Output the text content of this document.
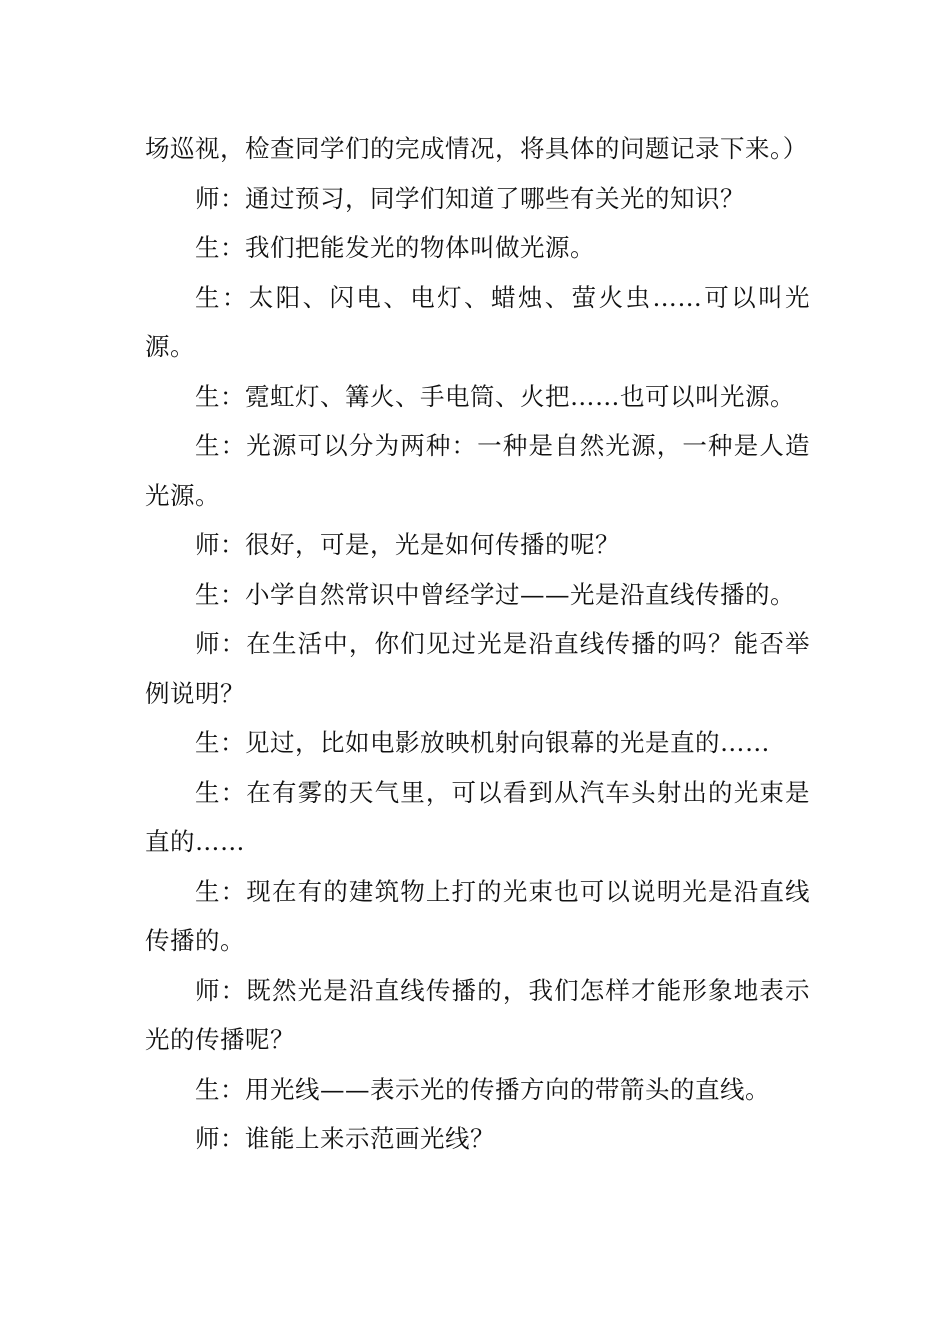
场巡视，检查同学们的完成情况，将具体的问题记录下来。）

师：通过预习，同学们知道了哪些有关光的知识？

生：我们把能发光的物体叫做光源。

生：太阳、闪电、电灯、蜡烛、萤火虫……可以叫光源。

生：霓虹灯、篝火、手电筒、火把……也可以叫光源。

生：光源可以分为两种：一种是自然光源，一种是人造光源。

师：很好，可是，光是如何传播的呢？

生：小学自然常识中曾经学过——光是沿直线传播的。

师：在生活中，你们见过光是沿直线传播的吗？能否举例说明？

生：见过，比如电影放映机射向银幕的光是直的……

生：在有雾的天气里，可以看到从汽车头射出的光束是直的……

生：现在有的建筑物上打的光束也可以说明光是沿直线传播的。

师：既然光是沿直线传播的，我们怎样才能形象地表示光的传播呢？

生：用光线——表示光的传播方向的带箭头的直线。

师：谁能上来示范画光线？
